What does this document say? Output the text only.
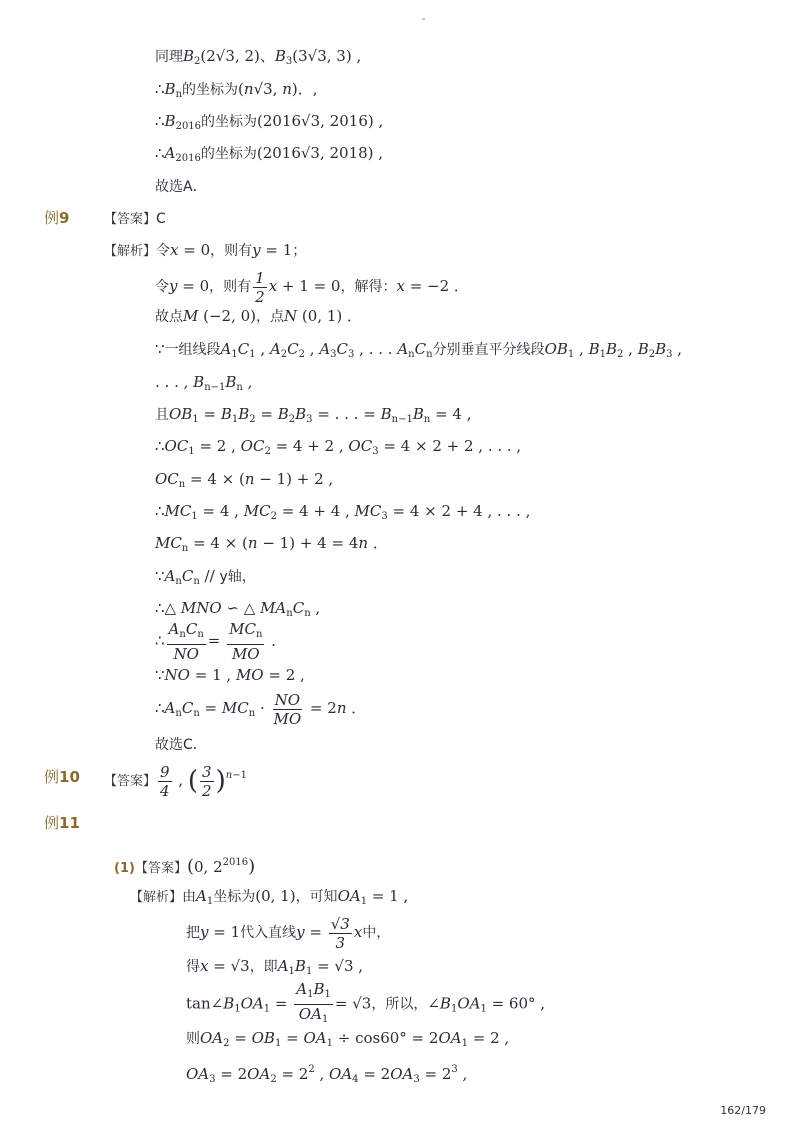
-
同理$B_2(2√3$, 2)、$B_3(3√3$, 3) ,
$\therefore B_n$的坐标为(n√3, n)．,
$\therefore B_{2016}$的坐标为(2016√3, 2016) ,
$\therefore A_{2016}$的坐标为(2016√3, 2018) ,
故选A．
例9	【答案】C
【解析】令x = 0，则有y = 1；
令y = 0，则有 $\frac{1}{2}$ x + 1 = 0，解得：x = −2 ．
故点M (−2, 0)，点N (0, 1) ．
∵一组线段$A_1C_1$ , $A_2C_2$ , $A_3C_3$ , . . . $A_nC_n$分别垂直平分线段$OB_1$ , $B_1B_2$ , $B_2B_3$ ,
. . . , $B_{n-1}B_n$ ,
且$OB_1 = B_1B_2 = B_2B_3$ = . . . = $B_{n-1}B_n = 4$ ,
$\therefore OC_1 = 2$ , $OC_2 = 4 + 2$ , $OC_3 = 4 \times 2 + 2$ , . . . ,
$OC_n = 4 \times (n - 1) + 2$ ,
$\therefore MC_1 = 4$ , $MC_2 = 4 + 4$ , $MC_3 = 4 \times 2 + 4$ , . . . ,
$MC_n = 4 \times (n - 1) + 4 = 4n$ ．
$\because A_nC_n$ // y轴，
∴△ MNO ∽ △ $MA_nC_n$ ,
∴ $\frac{A_nC_n}{NO} = \frac{MC_n}{MO}$ ．
∵NO = 1 , MO = 2 ,
$\therefore A_nC_n = MC_n \cdot \frac{NO}{MO} = 2n$ ．
故选C．
例10 【答案】 $\frac{9}{4}$ , ( $\frac{3}{2} )^{n-1}$
例11
(1)【答案】(0, $2^{2016}$)
【解析】由$A_1$坐标为(0, 1)，可知$OA_1 = 1$ ,
把y = 1代入直线$y = \frac{√3}{3}$ x中，
得x = √3，即$A_1B_1 = √3$ ,
$\tan\angle B_1OA_1 = \frac{A_1B_1}{OA_1} = √3$，所以，$\angle B_1OA_1 = 60^\circ$ ,
则$OA_2 = OB_1 = OA_1 \div \cos 60^\circ = 2OA_1 = 2$ ,
$OA_3 = 2OA_2 = 2^2$ , $OA_4 = 2OA_3 = 2^3$ ,
162/179
